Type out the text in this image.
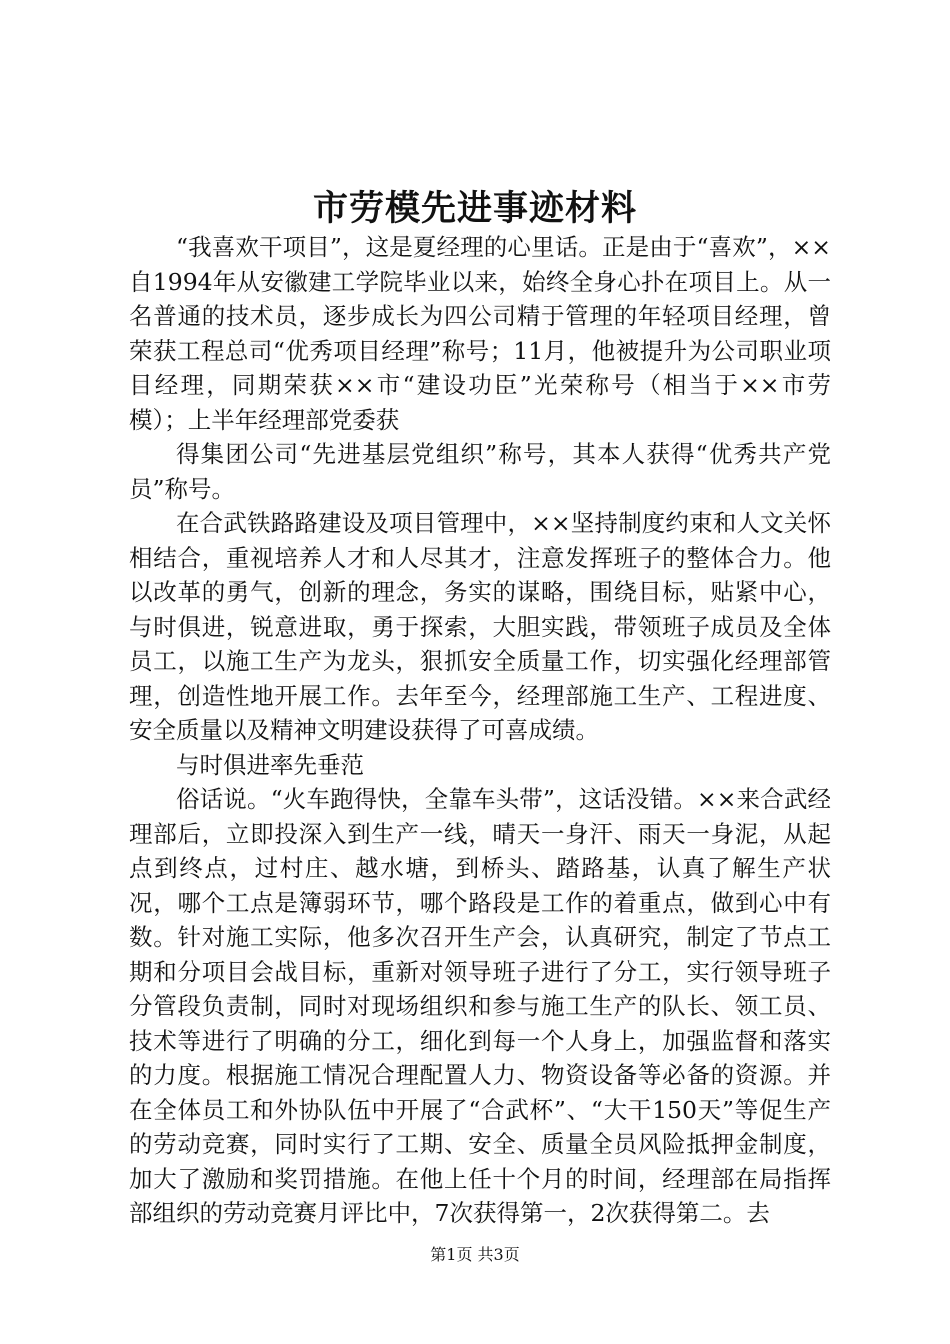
市劳模先进事迹材料

“我喜欢干项目”，这是夏经理的心里话。正是由于“喜欢”，××自1994年从安徽建工学院毕业以来，始终全身心扑在项目上。从一名普通的技术员，逐步成长为四公司精于管理的年轻项目经理，曾荣获工程总司“优秀项目经理”称号；11月，他被提升为公司职业项目经理，同期荣获××市“建设功臣”光荣称号（相当于××市劳模）；上半年经理部党委获

得集团公司“先进基层党组织”称号，其本人获得“优秀共产党员”称号。

在合武铁路路建设及项目管理中，××坚持制度约束和人文关怀相结合，重视培养人才和人尽其才，注意发挥班子的整体合力。他以改革的勇气，创新的理念，务实的谋略，围绕目标，贴紧中心，与时俱进，锐意进取，勇于探索，大胆实践，带领班子成员及全体员工，以施工生产为龙头，狠抓安全质量工作，切实强化经理部管理，创造性地开展工作。去年至今，经理部施工生产、工程进度、安全质量以及精神文明建设获得了可喜成绩。

与时俱进率先垂范

俗话说。“火车跑得快，全靠车头带”，这话没错。××来合武经理部后，立即投深入到生产一线，晴天一身汗、雨天一身泥，从起点到终点，过村庄、越水塘，到桥头、踏路基，认真了解生产状况，哪个工点是簿弱环节，哪个路段是工作的着重点，做到心中有数。针对施工实际，他多次召开生产会，认真研究，制定了节点工期和分项目会战目标，重新对领导班子进行了分工，实行领导班子分管段负责制，同时对现场组织和参与施工生产的队长、领工员、技术等进行了明确的分工，细化到每一个人身上，加强监督和落实的力度。根据施工情况合理配置人力、物资设备等必备的资源。并在全体员工和外协队伍中开展了“合武杯”、“大干150天”等促生产的劳动竞赛，同时实行了工期、安全、质量全员风险抵押金制度，加大了激励和奖罚措施。在他上任十个月的时间，经理部在局指挥部组织的劳动竞赛月评比中，7次获得第一，2次获得第二。去

第1页 共3页
